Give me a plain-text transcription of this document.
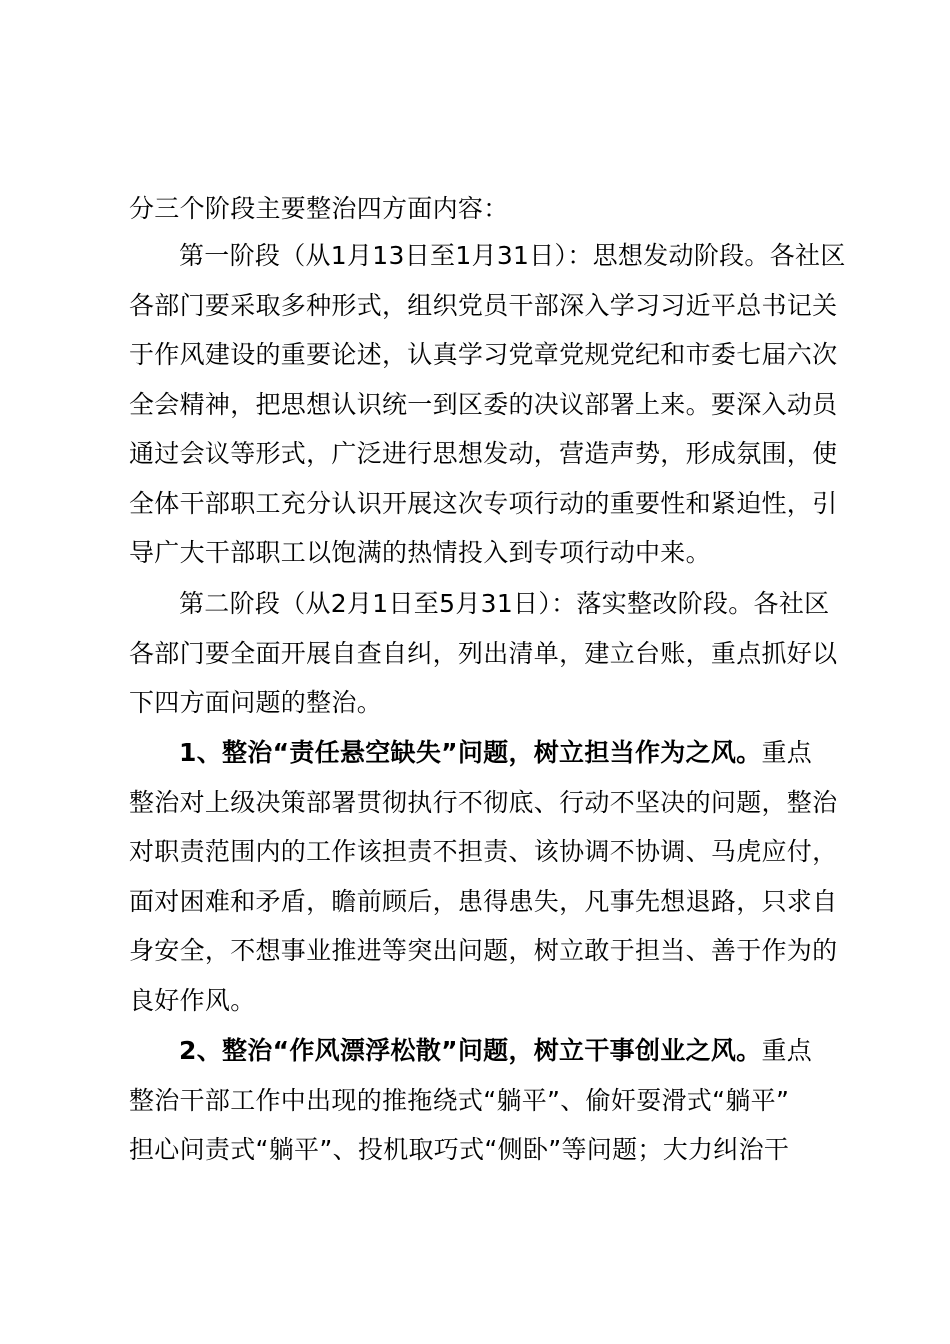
分三个阶段主要整治四方面内容：
第一阶段（从1月13日至1月31日）：思想发动阶段。各社区
各部门要采取多种形式，组织党员干部深入学习习近平总书记关
于作风建设的重要论述，认真学习党章党规党纪和市委七届六次
全会精神，把思想认识统一到区委的决议部署上来。要深入动员
通过会议等形式，广泛进行思想发动，营造声势，形成氛围，使
全体干部职工充分认识开展这次专项行动的重要性和紧迫性，引
导广大干部职工以饱满的热情投入到专项行动中来。
第二阶段（从2月1日至5月31日）：落实整改阶段。各社区
各部门要全面开展自查自纠，列出清单，建立台账，重点抓好以
下四方面问题的整治。
1、整治“责任悬空缺失”问题，树立担当作为之风。重点
整治对上级决策部署贯彻执行不彻底、行动不坚决的问题，整治
对职责范围内的工作该担责不担责、该协调不协调、马虎应付，
面对困难和矛盾，瞻前顾后，患得患失，凡事先想退路，只求自
身安全，不想事业推进等突出问题，树立敢于担当、善于作为的
良好作风。
2、整治“作风漂浮松散”问题，树立干事创业之风。重点
整治干部工作中出现的推拖绕式“躺平”、偷奸耍滑式“躺平”
担心问责式“躺平”、投机取巧式“侧卧”等问题；大力纠治干
